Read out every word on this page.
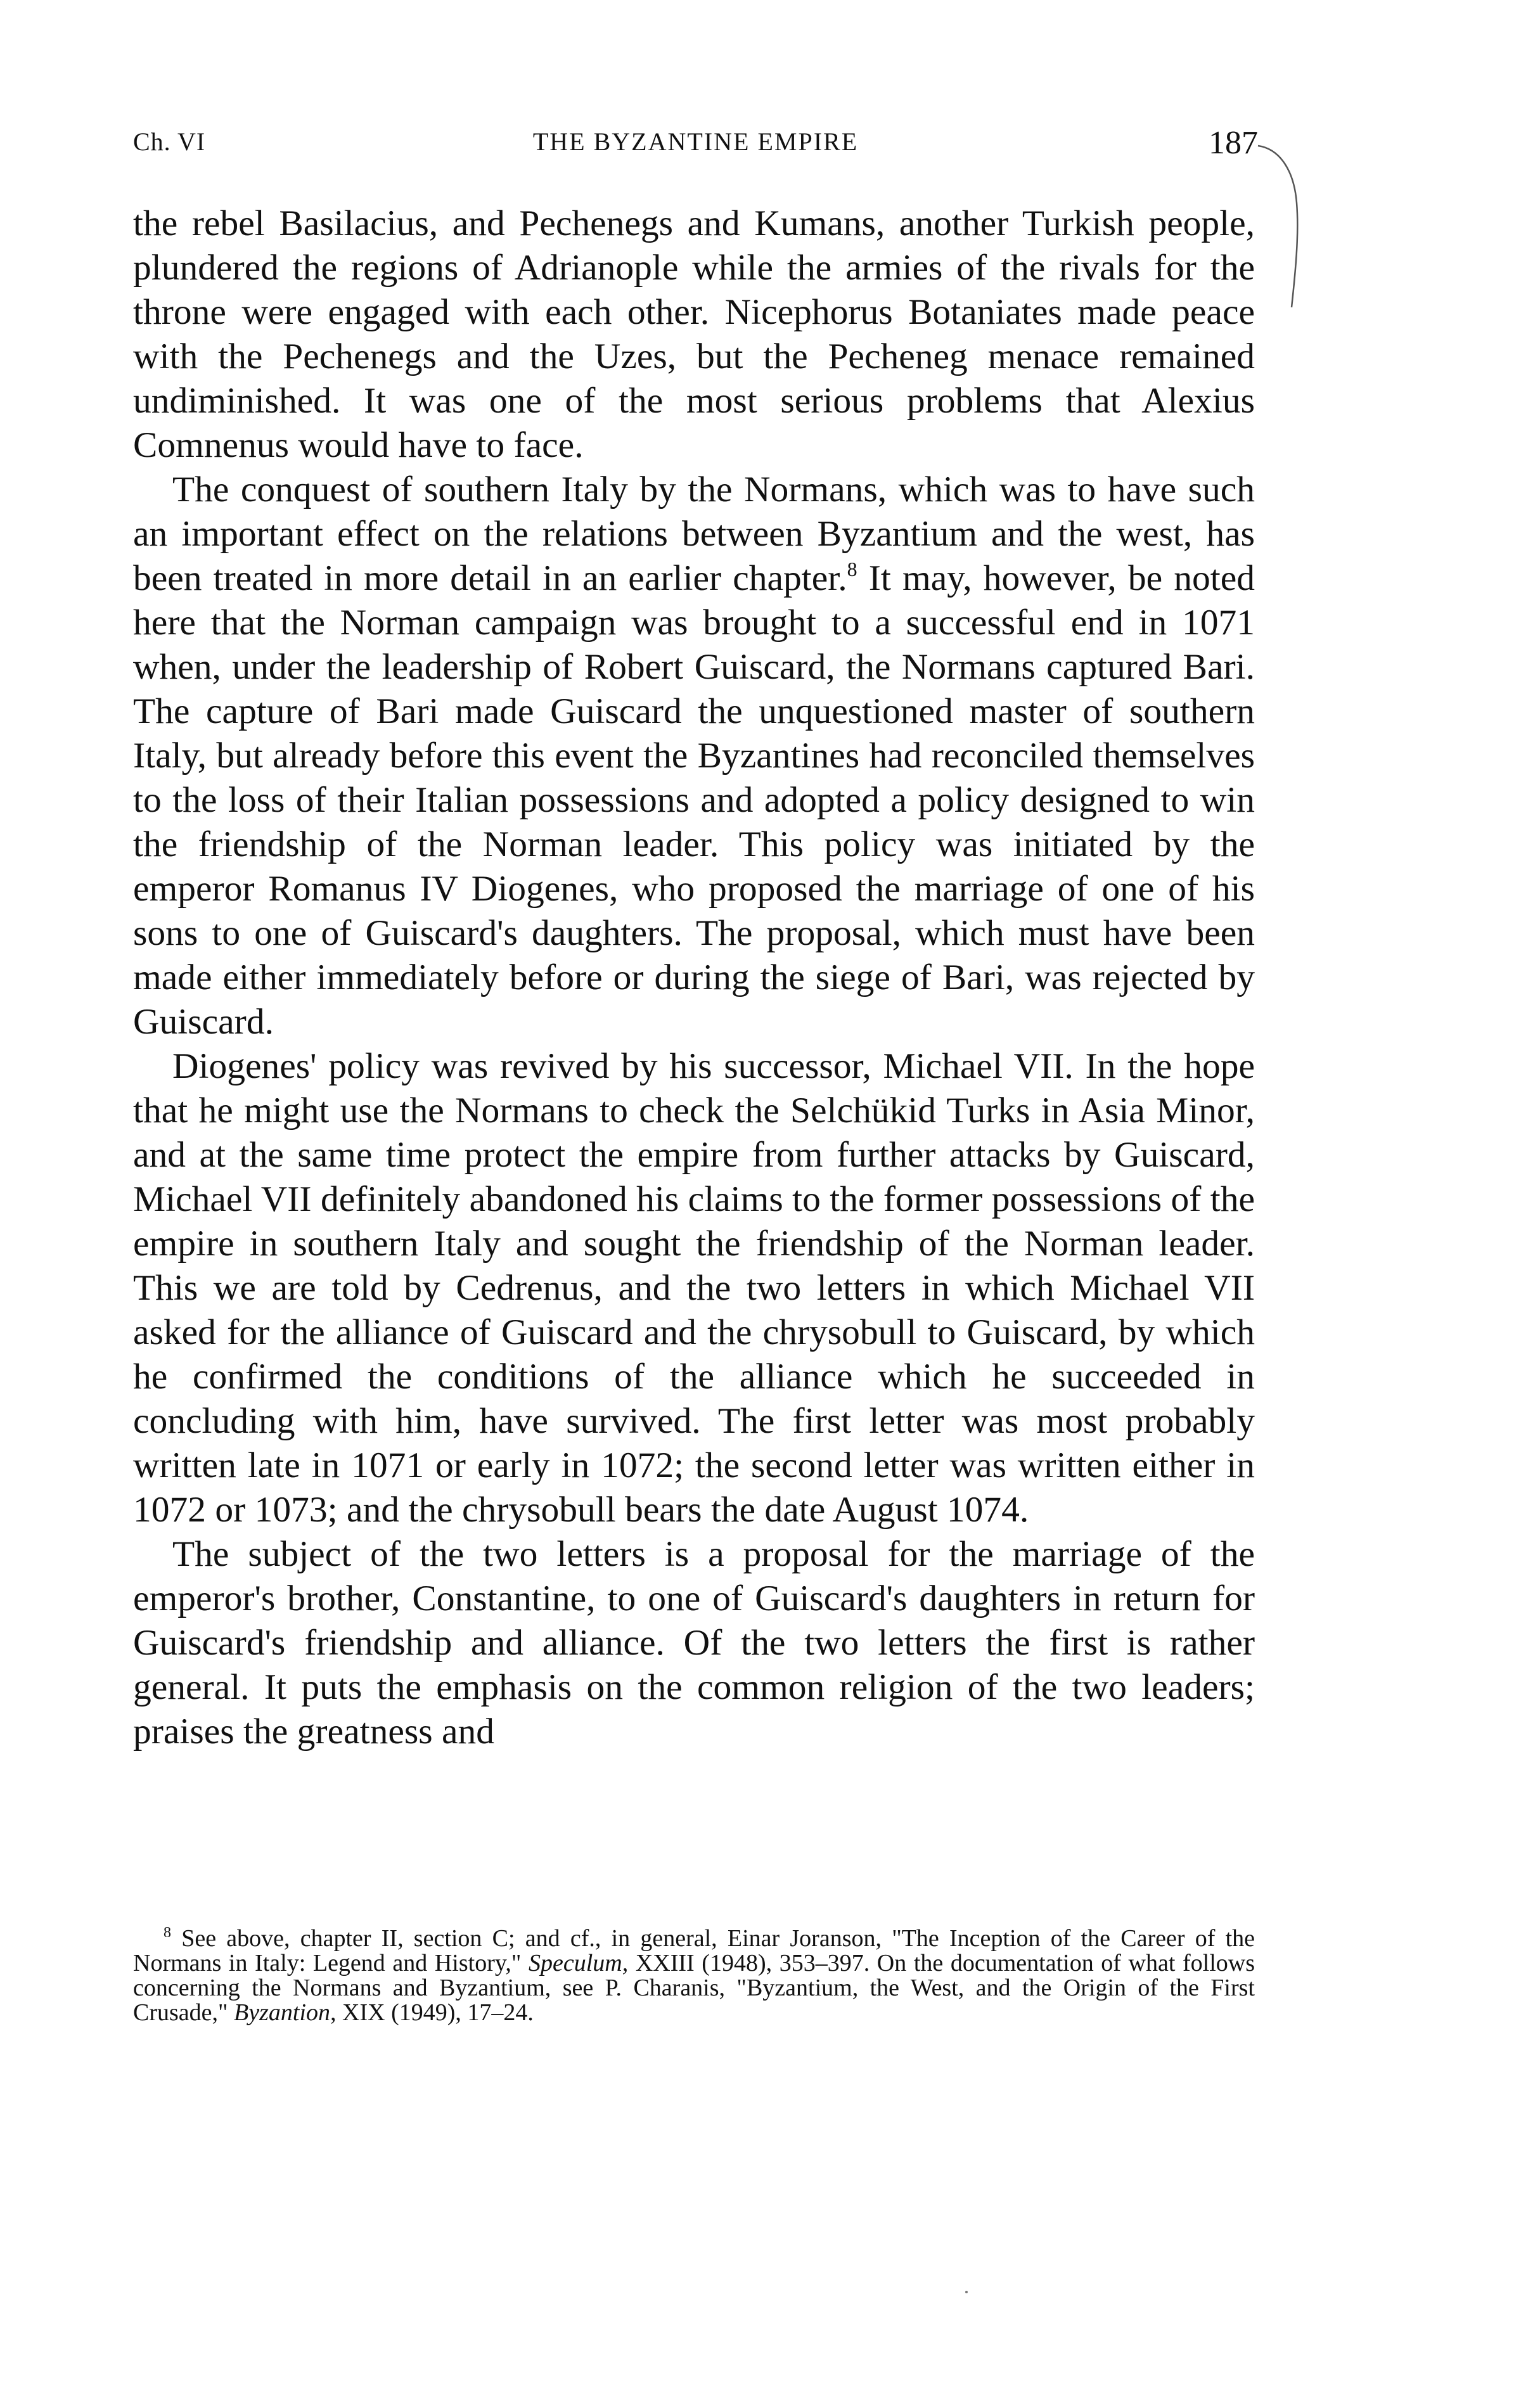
Ch. VI	THE BYZANTINE EMPIRE	187

the rebel Basilacius, and Pechenegs and Kumans, another Turkish people, plundered the regions of Adrianople while the armies of the rivals for the throne were engaged with each other. Nicephorus Botaniates made peace with the Pechenegs and the Uzes, but the Pecheneg menace remained undiminished. It was one of the most serious problems that Alexius Comnenus would have to face.

The conquest of southern Italy by the Normans, which was to have such an important effect on the relations between Byzantium and the west, has been treated in more detail in an earlier chapter.$^8$ It may, however, be noted here that the Norman campaign was brought to a successful end in 1071 when, under the leadership of Robert Guiscard, the Normans captured Bari. The capture of Bari made Guiscard the unquestioned master of southern Italy, but already before this event the Byzantines had reconciled themselves to the loss of their Italian possessions and adopted a policy designed to win the friendship of the Norman leader. This policy was initiated by the emperor Romanus IV Diogenes, who proposed the marriage of one of his sons to one of Guiscard's daughters. The proposal, which must have been made either immediately before or during the siege of Bari, was rejected by Guiscard.

Diogenes' policy was revived by his successor, Michael VII. In the hope that he might use the Normans to check the Selchükid Turks in Asia Minor, and at the same time protect the empire from further attacks by Guiscard, Michael VII definitely abandoned his claims to the former possessions of the empire in southern Italy and sought the friendship of the Norman leader. This we are told by Cedrenus, and the two letters in which Michael VII asked for the alliance of Guiscard and the chrysobull to Guiscard, by which he confirmed the conditions of the alliance which he succeeded in concluding with him, have survived. The first letter was most probably written late in 1071 or early in 1072; the second letter was written either in 1072 or 1073; and the chrysobull bears the date August 1074.

The subject of the two letters is a proposal for the marriage of the emperor's brother, Constantine, to one of Guiscard's daughters in return for Guiscard's friendship and alliance. Of the two letters the first is rather general. It puts the emphasis on the common religion of the two leaders; praises the greatness and

$^8$ See above, chapter II, section C; and cf., in general, Einar Joranson, "The Inception of the Career of the Normans in Italy: Legend and History," Speculum, XXIII (1948), 353–397. On the documentation of what follows concerning the Normans and Byzantium, see P. Charanis, "Byzantium, the West, and the Origin of the First Crusade," Byzantion, XIX (1949), 17–24.
